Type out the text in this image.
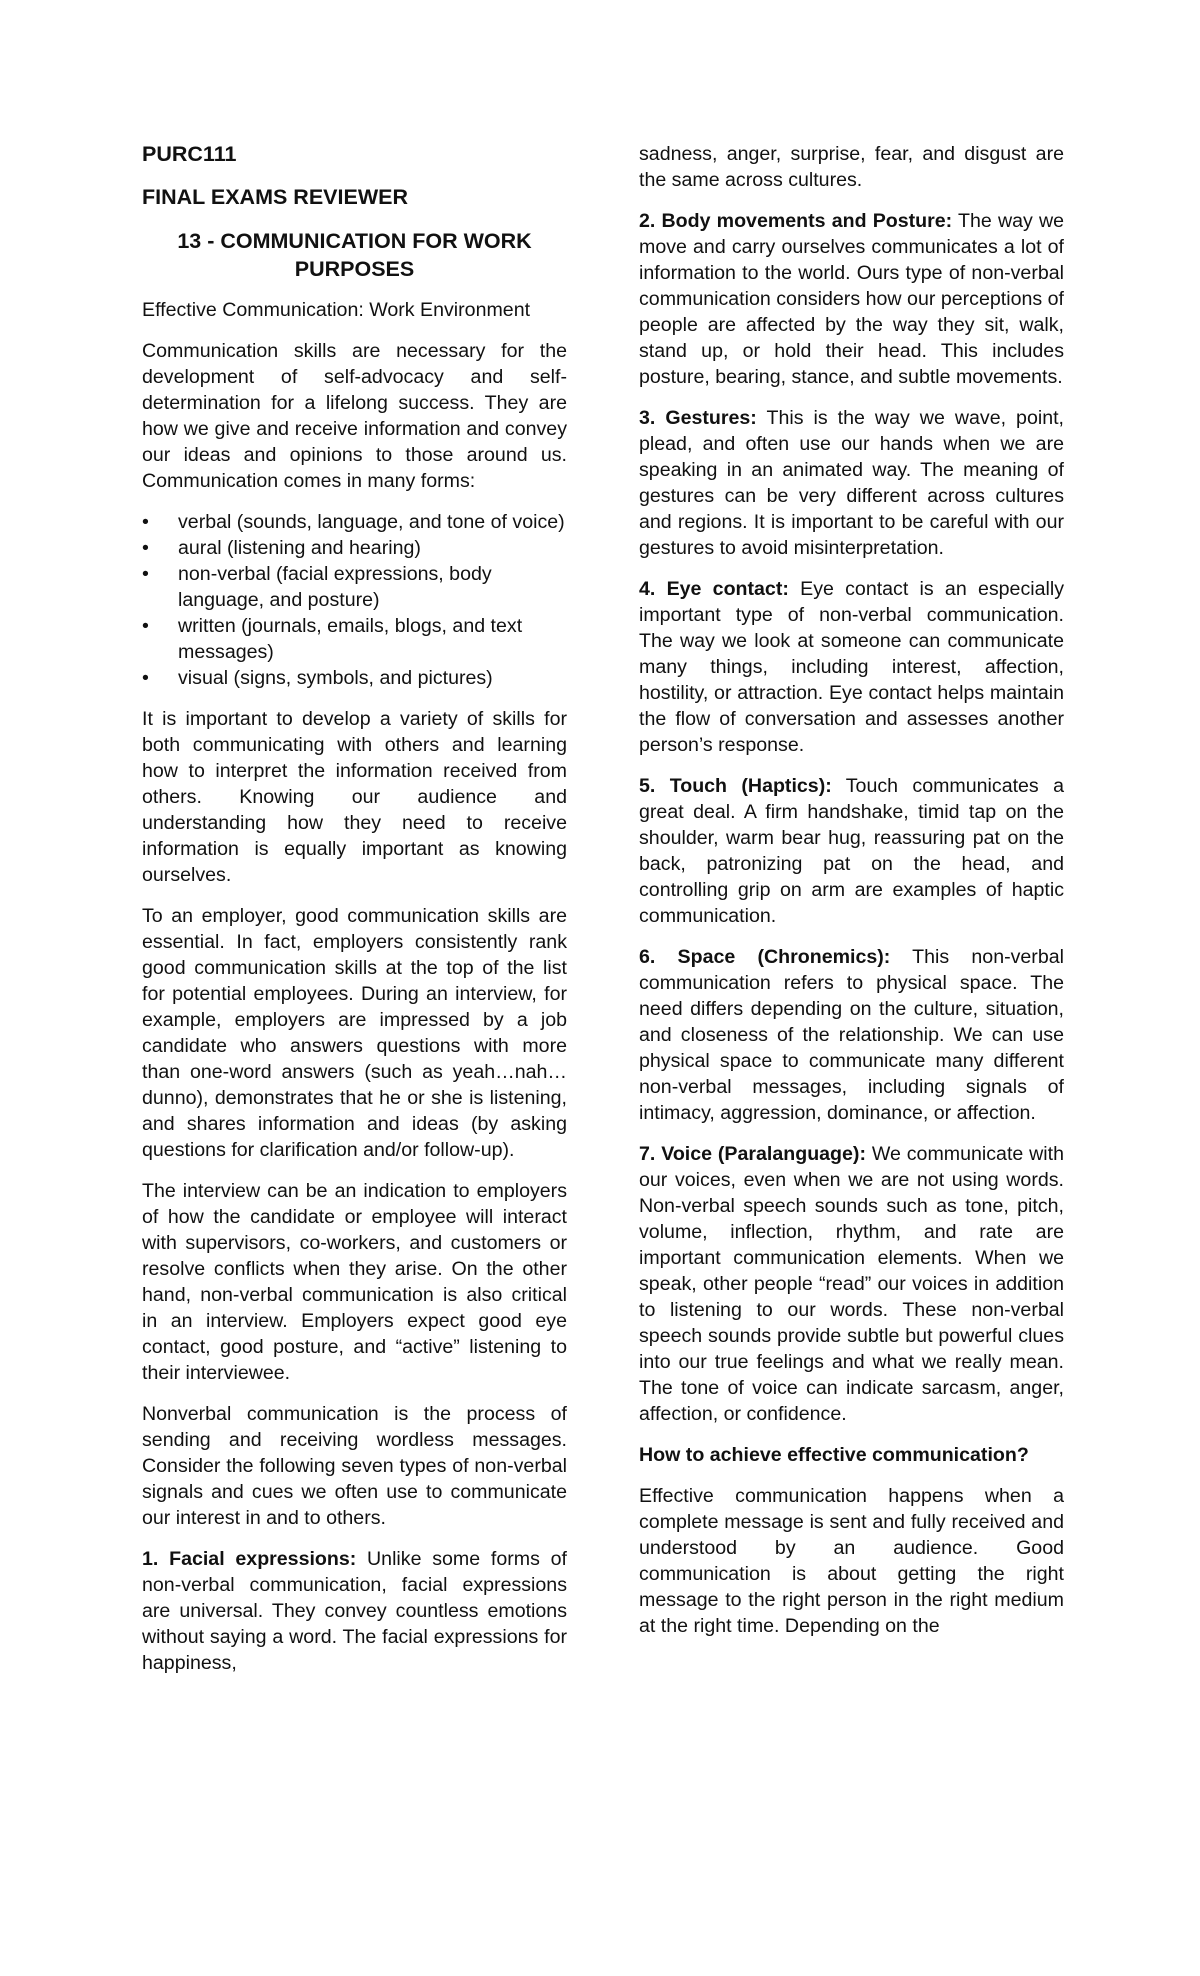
PURC111

FINAL EXAMS REVIEWER

13 - COMMUNICATION FOR WORK PURPOSES

Effective Communication: Work Environment

Communication skills are necessary for the development of self-advocacy and self-determination for a lifelong success. They are how we give and receive information and convey our ideas and opinions to those around us. Communication comes in many forms:

• verbal (sounds, language, and tone of voice)
• aural (listening and hearing)
• non-verbal (facial expressions, body language, and posture)
• written (journals, emails, blogs, and text messages)
• visual (signs, symbols, and pictures)

It is important to develop a variety of skills for both communicating with others and learning how to interpret the information received from others. Knowing our audience and understanding how they need to receive information is equally important as knowing ourselves.

To an employer, good communication skills are essential. In fact, employers consistently rank good communication skills at the top of the list for potential employees. During an interview, for example, employers are impressed by a job candidate who answers questions with more than one-word answers (such as yeah…nah…dunno), demonstrates that he or she is listening, and shares information and ideas (by asking questions for clarification and/or follow-up).

The interview can be an indication to employers of how the candidate or employee will interact with supervisors, co-workers, and customers or resolve conflicts when they arise. On the other hand, non-verbal communication is also critical in an interview. Employers expect good eye contact, good posture, and “active” listening to their interviewee.

Nonverbal communication is the process of sending and receiving wordless messages. Consider the following seven types of non-verbal signals and cues we often use to communicate our interest in and to others.

1. Facial expressions: Unlike some forms of non-verbal communication, facial expressions are universal. They convey countless emotions without saying a word. The facial expressions for happiness,

sadness, anger, surprise, fear, and disgust are the same across cultures.

2. Body movements and Posture: The way we move and carry ourselves communicates a lot of information to the world. Ours type of non-verbal communication considers how our perceptions of people are affected by the way they sit, walk, stand up, or hold their head. This includes posture, bearing, stance, and subtle movements.

3. Gestures: This is the way we wave, point, plead, and often use our hands when we are speaking in an animated way. The meaning of gestures can be very different across cultures and regions. It is important to be careful with our gestures to avoid misinterpretation.

4. Eye contact: Eye contact is an especially important type of non-verbal communication. The way we look at someone can communicate many things, including interest, affection, hostility, or attraction. Eye contact helps maintain the flow of conversation and assesses another person’s response.

5. Touch (Haptics): Touch communicates a great deal. A firm handshake, timid tap on the shoulder, warm bear hug, reassuring pat on the back, patronizing pat on the head, and controlling grip on arm are examples of haptic communication.

6. Space (Chronemics): This non-verbal communication refers to physical space. The need differs depending on the culture, situation, and closeness of the relationship. We can use physical space to communicate many different non-verbal messages, including signals of intimacy, aggression, dominance, or affection.

7. Voice (Paralanguage): We communicate with our voices, even when we are not using words. Non-verbal speech sounds such as tone, pitch, volume, inflection, rhythm, and rate are important communication elements. When we speak, other people “read” our voices in addition to listening to our words. These non-verbal speech sounds provide subtle but powerful clues into our true feelings and what we really mean. The tone of voice can indicate sarcasm, anger, affection, or confidence.

How to achieve effective communication?

Effective communication happens when a complete message is sent and fully received and understood by an audience. Good communication is about getting the right message to the right person in the right medium at the right time. Depending on the
